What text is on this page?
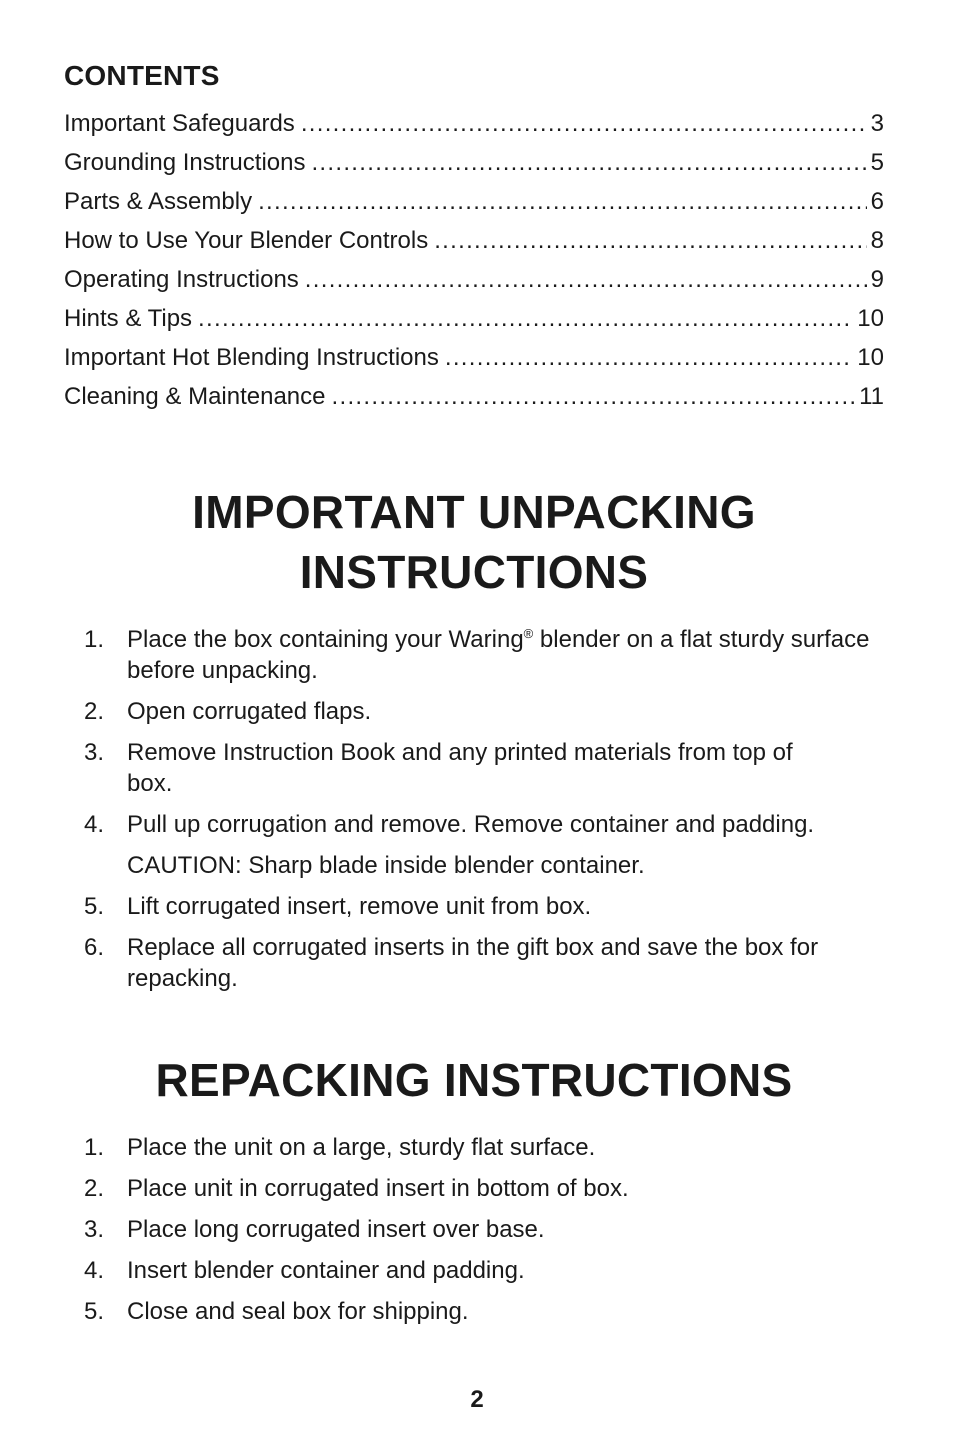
CONTENTS
Important Safeguards .....	3
Grounding Instructions .....	5
Parts & Assembly .....	6
How to Use Your Blender Controls .....	8
Operating Instructions .....	9
Hints & Tips .....	10
Important Hot Blending Instructions .....	10
Cleaning & Maintenance .....	11
IMPORTANT UNPACKING
INSTRUCTIONS
1. Place the box containing your Waring® blender on a flat sturdy surface before unpacking.
2. Open corrugated flaps.
3. Remove Instruction Book and any printed materials from top of box.
4. Pull up corrugation and remove. Remove container and padding.
CAUTION: Sharp blade inside blender container.
5. Lift corrugated insert, remove unit from box.
6. Replace all corrugated inserts in the gift box and save the box for repacking.
REPACKING INSTRUCTIONS
1. Place the unit on a large, sturdy flat surface.
2. Place unit in corrugated insert in bottom of box.
3. Place long corrugated insert over base.
4. Insert blender container and padding.
5. Close and seal box for shipping.
2
